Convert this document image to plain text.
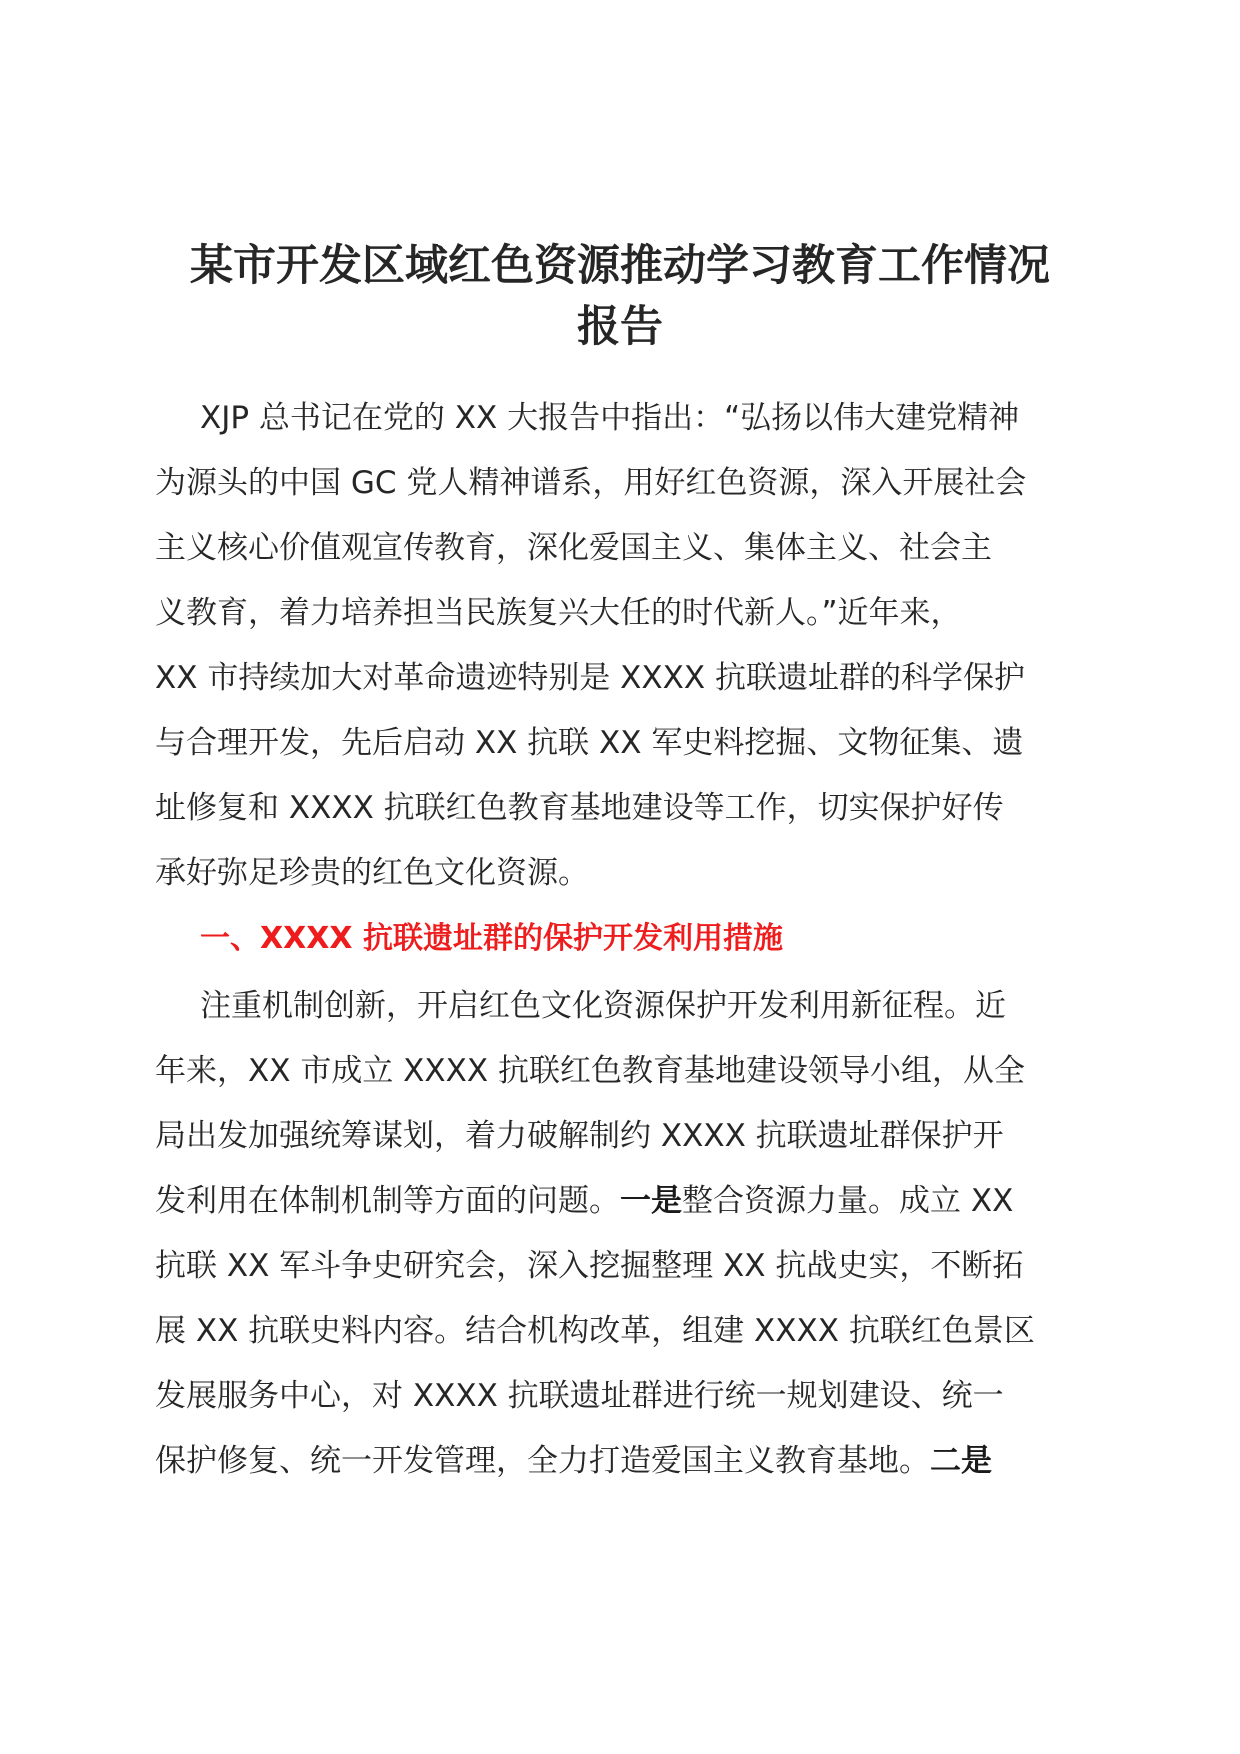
某市开发区域红色资源推动学习教育工作情况
报告

XJP 总书记在党的 XX 大报告中指出：“弘扬以伟大建党精神
为源头的中国 GC 党人精神谱系，用好红色资源，深入开展社会
主义核心价值观宣传教育，深化爱国主义、集体主义、社会主
义教育，着力培养担当民族复兴大任的时代新人。”近年来，
XX 市持续加大对革命遗迹特别是 XXXX 抗联遗址群的科学保护
与合理开发，先后启动 XX 抗联 XX 军史料挖掘、文物征集、遗
址修复和 XXXX 抗联红色教育基地建设等工作，切实保护好传
承好弥足珍贵的红色文化资源。

一、XXXX 抗联遗址群的保护开发利用措施

注重机制创新，开启红色文化资源保护开发利用新征程。近
年来，XX 市成立 XXXX 抗联红色教育基地建设领导小组，从全
局出发加强统筹谋划，着力破解制约 XXXX 抗联遗址群保护开
发利用在体制机制等方面的问题。一是整合资源力量。成立 XX
抗联 XX 军斗争史研究会，深入挖掘整理 XX 抗战史实，不断拓
展 XX 抗联史料内容。结合机构改革，组建 XXXX 抗联红色景区
发展服务中心，对 XXXX 抗联遗址群进行统一规划建设、统一
保护修复、统一开发管理，全力打造爱国主义教育基地。二是
